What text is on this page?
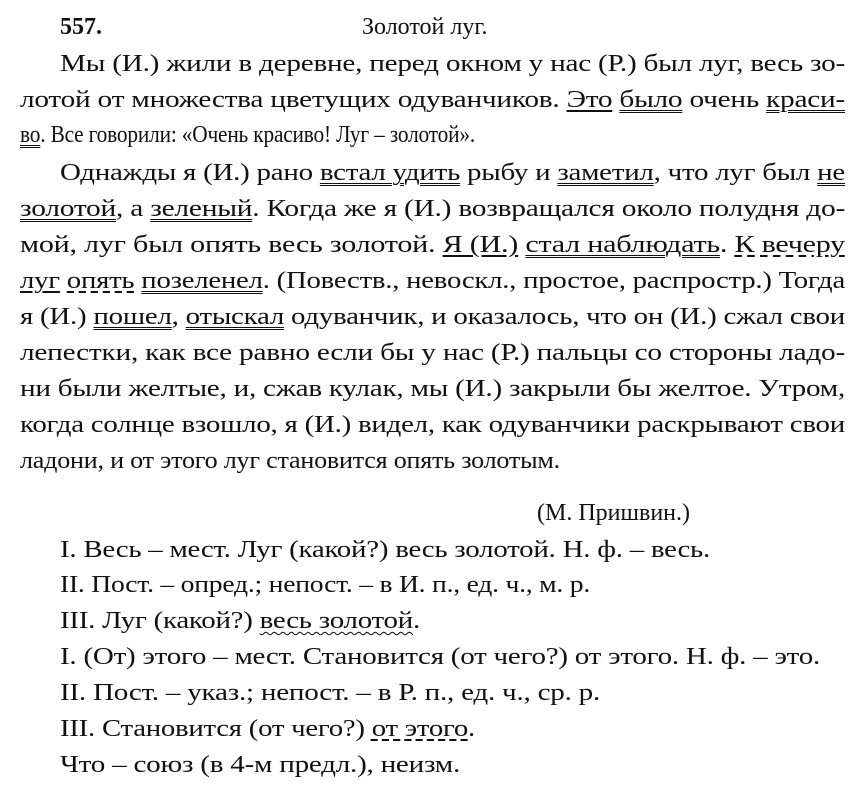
557.	Золотой луг.
Мы (И.) жили в деревне, перед окном у нас (Р.) был луг, весь зо-
лотой от множества цветущих одуванчиков. Это было очень краси-
во. Все говорили: «Очень красиво! Луг – золотой».
Однажды я (И.) рано встал удить рыбу и заметил, что луг был не
золотой, а зеленый. Когда же я (И.) возвращался около полудня до-
мой, луг был опять весь золотой. Я (И.) стал наблюдать. К вечеру
луг опять позеленел. (Повеств., невоскл., простое, распростр.) Тогда
я (И.) пошел, отыскал одуванчик, и оказалось, что он (И.) сжал свои
лепестки, как все равно если бы у нас (Р.) пальцы со стороны ладо-
ни были желтые, и, сжав кулак, мы (И.) закрыли бы желтое. Утром,
когда солнце взошло, я (И.) видел, как одуванчики раскрывают свои
ладони, и от этого луг становится опять золотым.
(М. Пришвин.)
I. Весь – мест. Луг (какой?) весь золотой. Н. ф. – весь.
II. Пост. – опред.; непост. – в И. п., ед. ч., м. р.
III. Луг (какой?) весь золотой.
I. (От) этого – мест. Становится (от чего?) от этого. Н. ф. – это.
II. Пост. – указ.; непост. – в Р. п., ед. ч., ср. р.
III. Становится (от чего?) от этого.
Что – союз (в 4-м предл.), неизм.
